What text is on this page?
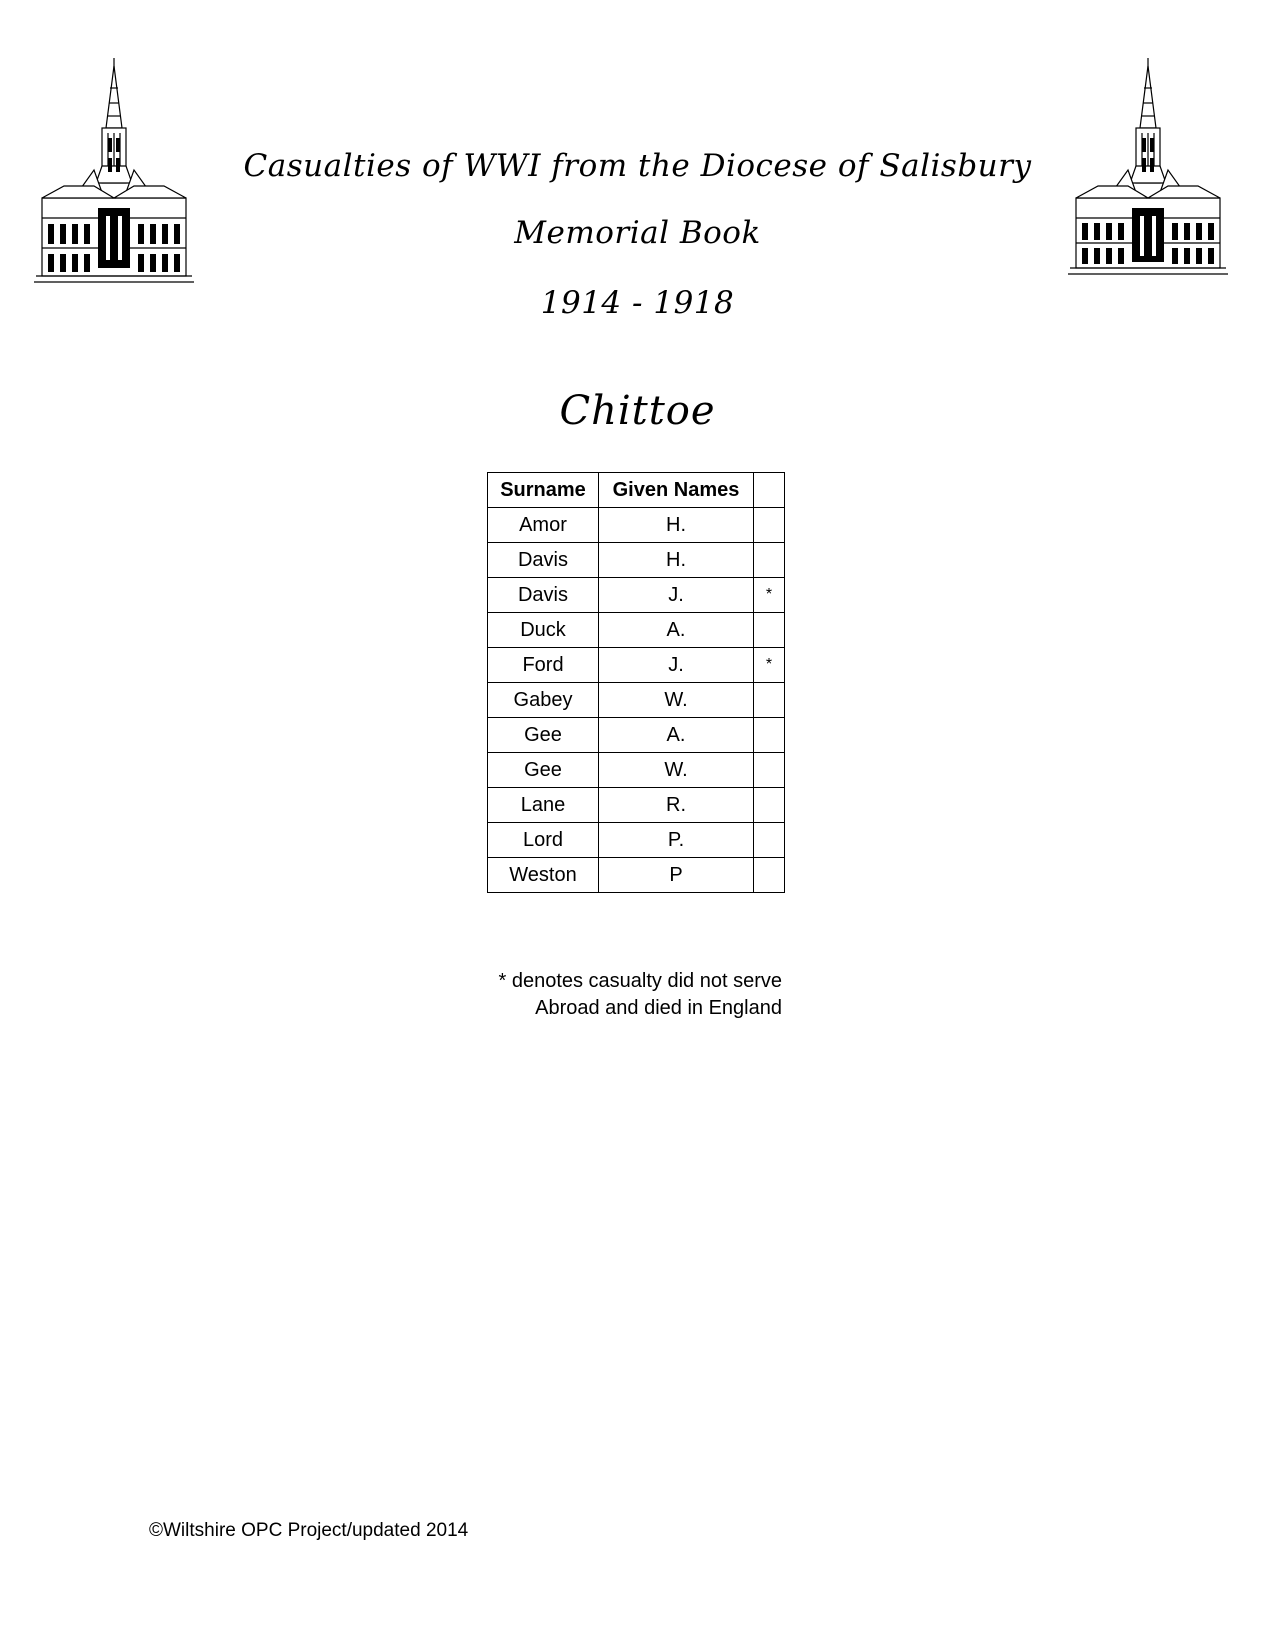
Casualties of WWI from the Diocese of Salisbury
Memorial Book
1914 - 1918
Chittoe
Surname	Given Names	
Amor	H.	
Davis	H.	
Davis	J.	*
Duck	A.	
Ford	J.	*
Gabey	W.	
Gee	A.	
Gee	W.	
Lane	R.	
Lord	P.	
Weston	P	
* denotes casualty did not serve
Abroad and died in England
©Wiltshire OPC Project/updated 2014
